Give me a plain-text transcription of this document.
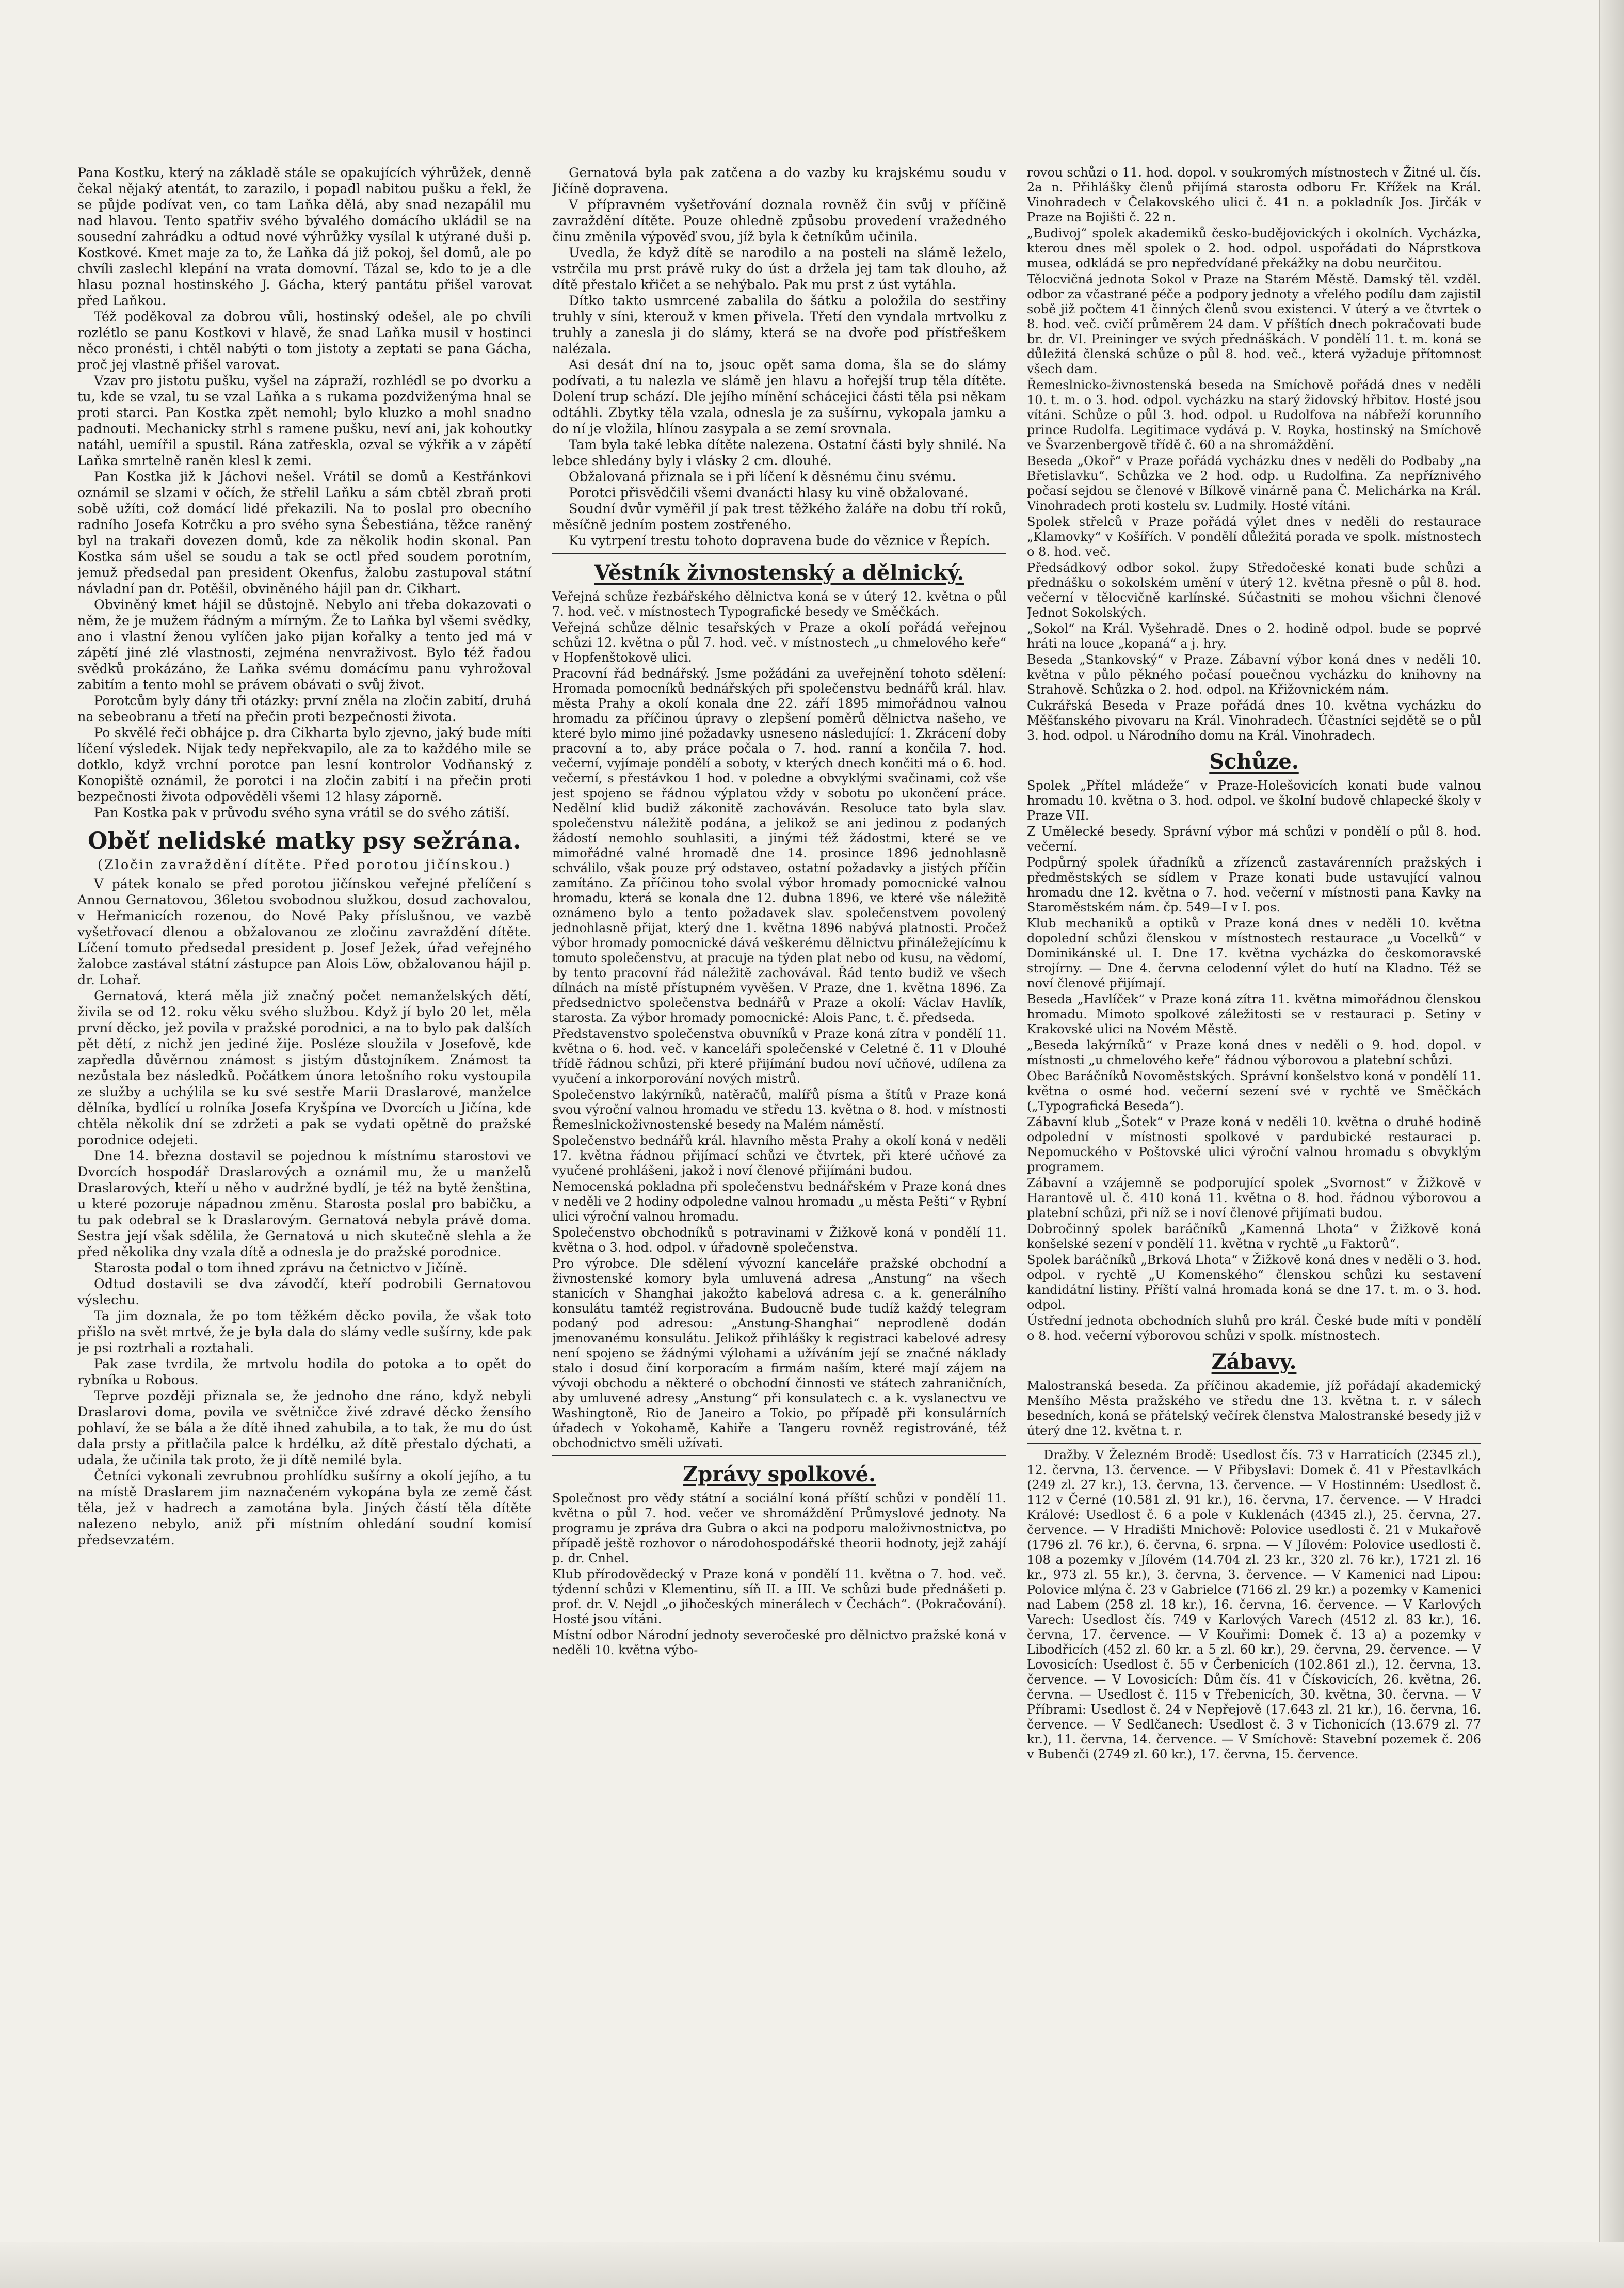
Pana Kostku, který na základě stále se opakujících výhrůžek, denně čekal nějaký atentát, to zarazilo, i popadl nabitou pušku a řekl, že se půjde podívat ven, co tam Laňka dělá, aby snad nezapálil mu nad hlavou. Tento spatřiv svého bývalého domácího ukládil se na sousední zahrádku a odtud nové výhrůžky vysílal k utýrané duši p. Kostkové. Kmet maje za to, že Laňka dá již pokoj, šel domů, ale po chvíli zaslechl klepání na vrata domovní. Tázal se, kdo to je a dle hlasu poznal hostinského J. Gácha, který pantátu přišel varovat před Laňkou.

Též poděkoval za dobrou vůli, hostinský odešel, ale po chvíli rozlétlo se panu Kostkovi v hlavě, že snad Laňka musil v hostinci něco pronésti, i chtěl nabýti o tom jistoty a zeptati se pana Gácha, proč jej vlastně přišel varovat.

Vzav pro jistotu pušku, vyšel na zápraží, rozhlédl se po dvorku a tu, kde se vzal, tu se vzal Laňka a s rukama pozdviženýma hnal se proti starci. Pan Kostka zpět nemohl; bylo kluzko a mohl snadno padnouti. Mechanicky strhl s ramene pušku, neví ani, jak kohoutky natáhl, uemířil a spustil. Rána zatřeskla, ozval se výkřik a v zápětí Laňka smrtelně raněn klesl k zemi.

Pan Kostka již k Jáchovi nešel. Vrátil se domů a Kestřánkovi oznámil se slzami v očích, že střelil Laňku a sám cbtěl zbraň proti sobě užíti, což domácí lidé překazili. Na to poslal pro obecního radního Josefa Kotrčku a pro svého syna Šebestiána, těžce raněný byl na trakaři dovezen domů, kde za několik hodin skonal. Pan Kostka sám ušel se soudu a tak se octl před soudem porotním, jemuž předsedal pan president Okenfus, žalobu zastupoval státní návladní pan dr. Potěšil, obviněného hájil pan dr. Cikhart.

Obviněný kmet hájil se důstojně. Nebylo ani třeba dokazovati o něm, že je mužem řádným a mírným. Že to Laňka byl všemi svědky, ano i vlastní ženou vylíčen jako pijan kořalky a tento jed má v zápětí jiné zlé vlastnosti, zejména nenvraživost. Bylo též řadou svědků prokázáno, že Laňka svému domácímu panu vyhrožoval zabitím a tento mohl se právem obávati o svůj život.

Porotcům byly dány tři otázky: první zněla na zločin zabití, druhá na sebeobranu a třetí na přečin proti bezpečnosti života.

Po skvělé řeči obhájce p. dra Cikharta bylo zjevno, jaký bude míti líčení výsledek. Nijak tedy nepřekvapilo, ale za to každého mile se dotklo, když vrchní porotce pan lesní kontrolor Vodňanský z Konopiště oznámil, že porotci i na zločin zabití i na přečin proti bezpečnosti života odpověděli všemi 12 hlasy záporně.

Pan Kostka pak v průvodu svého syna vrátil se do svého zátiší.

Oběť nelidské matky psy sežrána.
(Zločin zavraždění dítěte. Před porotou jičínskou.)

V pátek konalo se před porotou jičínskou veřejné přelíčení s Annou Gernatovou, 36letou svobodnou služkou, dosud zachovalou, v Heřmanicích rozenou, do Nové Paky příslušnou, ve vazbě vyšetřovací dlenou a obžalovanou ze zločinu zavraždění dítěte. Líčení tomuto předsedal president p. Josef Ježek, úřad veřejného žalobce zastával státní zástupce pan Alois Löw, obžalovanou hájil p. dr. Lohař.

Gernatová, která měla již značný počet nemanželských dětí, živila se od 12. roku věku svého službou. Když jí bylo 20 let, měla první děcko, jež povila v pražské porodnici, a na to bylo pak dalších pět dětí, z nichž jen jediné žije. Posléze sloužila v Josefově, kde zapředla důvěrnou známost s jistým důstojníkem. Známost ta nezůstala bez následků. Počátkem února letošního roku vystoupila ze služby a uchýlila se ku své sestře Marii Draslarové, manželce dělníka, bydlící u rolníka Josefa Kryšpína ve Dvorcích u Jičína, kde chtěla několik dní se zdržeti a pak se vydati opětně do pražské porodnice odejeti.

Dne 14. března dostavil se pojednou k místnímu starostovi ve Dvorcích hospodář Draslarových a oznámil mu, že u manželů Draslarových, kteří u něho v audržné bydlí, je též na bytě ženština, u které pozoruje nápadnou změnu. Starosta poslal pro babičku, a tu pak odebral se k Draslarovým. Gernatová nebyla právě doma. Sestra její však sdělila, že Gernatová u nich skutečně slehla a že před několika dny vzala dítě a odnesla je do pražské porodnice.

Starosta podal o tom ihned zprávu na četnictvo v Jičíně.

Odtud dostavili se dva závodčí, kteří podrobili Gernatovou výslechu.

Ta jim doznala, že po tom těžkém děcko povila, že však toto přišlo na svět mrtvé, že je byla dala do slámy vedle sušírny, kde pak je psi roztrhali a roztahali.

Pak zase tvrdila, že mrtvolu hodila do potoka a to opět do rybníka u Robous.

Teprve později přiznala se, že jednoho dne ráno, když nebyli Draslarovi doma, povila ve světničce živé zdravé děcko žensího pohlaví, že se bála a že dítě ihned zahubila, a to tak, že mu do úst dala prsty a přitlačila palce k hrdélku, až dítě přestalo dýchati, a udala, že učinila tak proto, že ji dítě nemilé byla.

Četníci vykonali zevrubnou prohlídku sušírny a okolí jejího, a tu na místě Draslarem jim naznačeném vykopána byla ze země část těla, jež v hadrech a zamotána byla. Jiných částí těla dítěte nalezeno nebylo, aniž při místním ohledání soudní komisí předsevzatém.

Gernatová byla pak zatčena a do vazby ku krajskému soudu v Jičíně dopravena.

V přípravném vyšetřování doznala rovněž čin svůj v příčině zavraždění dítěte. Pouze ohledně způsobu provedení vražedného činu změnila výpověď svou, jíž byla k četníkům učinila.

Uvedla, že když dítě se narodilo a na posteli na slámě leželo, vstrčila mu prst právě ruky do úst a držela jej tam tak dlouho, až dítě přestalo křičet a se nehýbalo. Pak mu prst z úst vytáhla.

Dítko takto usmrcené zabalila do šátku a položila do sestřiny truhly v síni, kterouž v kmen přivela. Třetí den vyndala mrtvolku z truhly a zanesla ji do slámy, která se na dvoře pod přístřeškem nalézala.

Asi desát dní na to, jsouc opět sama doma, šla se do slámy podívati, a tu nalezla ve slámě jen hlavu a hořejší trup těla dítěte. Dolení trup schází. Dle jejího mínění schácejici části těla psi někam odtáhli. Zbytky těla vzala, odnesla je za sušírnu, vykopala jamku a do ní je vložila, hlínou zasypala a se zemí srovnala.

Tam byla také lebka dítěte nalezena. Ostatní části byly shnilé. Na lebce shledány byly i vlásky 2 cm. dlouhé.

Obžalovaná přiznala se i při líčení k děsnému činu svému.

Porotci přisvědčili všemi dvanácti hlasy ku vině obžalované.

Soudní dvůr vyměřil jí pak trest těžkého žaláře na dobu tří roků, měsíčně jedním postem zostřeného.

Ku vytrpení trestu tohoto dopravena bude do věznice v Řepích.

Věstník živnostenský a dělnický.

Veřejná schůze řezbářského dělnictva koná se v úterý 12. května o půl 7. hod. več. v místnostech Typografické besedy ve Směčkách.

Veřejná schůze dělnic tesařských v Praze a okolí pořádá veřejnou schůzi 12. května o půl 7. hod. več. v místnostech „u chmelového keře“ v Hopfenštokově ulici.

Pracovní řád bednářský. Jsme požádáni za uveřejnění tohoto sdělení: Hromada pomocníků bednářských při společenstvu bednářů král. hlav. města Prahy a okolí konala dne 22. září 1895 mimořádnou valnou hromadu za příčinou úpravy o zlepšení poměrů dělnictva našeho, ve které bylo mimo jiné požadavky usneseno následující: 1. Zkrácení doby pracovní a to, aby práce počala o 7. hod. ranní a končila 7. hod. večerní, vyjímaje pondělí a soboty, v kterých dnech končiti má o 6. hod. večerní, s přestávkou 1 hod. v poledne a obvyklými svačinami, což vše jest spojeno se řádnou výplatou vždy v sobotu po ukončení práce. Nedělní klid budiž zákonitě zachováván. Resoluce tato byla slav. společenstvu náležitě podána, a jelikož se ani jedinou z podaných žádostí nemohlo souhlasiti, a jinými též žádostmi, které se ve mimořádné valné hromadě dne 14. prosince 1896 jednohlasně schválilo, však pouze prý odstaveo, ostatní požadavky a jistých příčin zamítáno. Za příčinou toho svolal výbor hromady pomocnické valnou hromadu, která se konala dne 12. dubna 1896, ve které vše náležitě oznámeno bylo a tento požadavek slav. společenstvem povolený jednohlasně přijat, který dne 1. května 1896 nabývá platnosti. Pročež výbor hromady pomocnické dává veškerému dělnictvu přináležejícímu k tomuto společenstvu, at pracuje na týden plat nebo od kusu, na vědomí, by tento pracovní řád náležitě zachovával. Řád tento budiž ve všech dílnách na místě přístupném vyvěšen. V Praze, dne 1. května 1896. Za předsednictvo společenstva bednářů v Praze a okolí: Václav Havlík, starosta. Za výbor hromady pomocnické: Alois Panc, t. č. předseda.

Představenstvo společenstva obuvníků v Praze koná zítra v pondělí 11. května o 6. hod. več. v kanceláři společenské v Celetné č. 11 v Dlouhé třídě řádnou schůzi, při které přijímání budou noví učňové, udílena za vyučení a inkorporování nových mistrů.

Společenstvo lakýrníků, natěračů, malířů písma a štítů v Praze koná svou výroční valnou hromadu ve středu 13. května o 8. hod. v místnosti Řemeslnickoživnostenské besedy na Malém náměstí.

Společenstvo bednářů král. hlavního města Prahy a okolí koná v neděli 17. května řádnou přijímací schůzi ve čtvrtek, při které učňové za vyučené prohlášeni, jakož i noví členové přijímáni budou.

Nemocenská pokladna při společenstvu bednářském v Praze koná dnes v neděli ve 2 hodiny odpoledne valnou hromadu „u města Pešti“ v Rybní ulici výroční valnou hromadu.

Společenstvo obchodníků s potravinami v Žižkově koná v pondělí 11. května o 3. hod. odpol. v úřadovně společenstva.

Pro výrobce. Dle sdělení vývozní kanceláře pražské obchodní a živnostenské komory byla umluvená adresa „Anstung“ na všech stanicích v Shanghai jakožto kabelová adresa c. a k. generálního konsulátu tamtéž registrována. Budoucně bude tudíž každý telegram podaný pod adresou: „Anstung-Shanghai“ neprodleně dodán jmenovanému konsulátu. Jelikož přihlášky k registraci kabelové adresy není spojeno se žádnými výlohami a užíváním její se značné náklady stalo i dosud činí korporacím a firmám naším, které mají zájem na vývoji obchodu a některé o obchodní činnosti ve státech zahraničních, aby umluvené adresy „Anstung“ při konsulatech c. a k. vyslanectvu ve Washingtoně, Rio de Janeiro a Tokio, po případě při konsulárních úřadech v Yokohamě, Kahiře a Tangeru rovněž registrováné, též obchodnictvo směli užívati.

Zprávy spolkové.

Společnost pro vědy státní a sociální koná příští schůzi v pondělí 11. května o půl 7. hod. večer ve shromáždění Průmyslové jednoty. Na programu je zpráva dra Gubra o akci na podporu maloživnostnictva, po případě ještě rozhovor o národohospodářské theorii hodnoty, jejž zahájí p. dr. Cnhel.

Klub přírodovědecký v Praze koná v pondělí 11. května o 7. hod. več. týdenní schůzi v Klementinu, síň II. a III. Ve schůzi bude přednášeti p. prof. dr. V. Nejdl „o jihočeských minerálech v Čechách“. (Pokračování). Hosté jsou vítáni.

Místní odbor Národní jednoty severočeské pro dělnictvo pražské koná v neděli 10. května výbo-

rovou schůzi o 11. hod. dopol. v soukromých místnostech v Žitné ul. čís. 2a n. Přihlášky členů přijímá starosta odboru Fr. Křížek na Král. Vinohradech v Čelakovského ulici č. 41 n. a pokladník Jos. Jirčák v Praze na Bojišti č. 22 n.

„Budivoj“ spolek akademiků česko-budějovických i okolních. Vycházka, kterou dnes měl spolek o 2. hod. odpol. uspořádati do Náprstkova musea, odkládá se pro nepředvídané překážky na dobu neurčitou.

Tělocvičná jednota Sokol v Praze na Starém Městě. Damský těl. vzděl. odbor za včastrané péče a podpory jednoty a vřelého podílu dam zajistil sobě již počtem 41 činných členů svou existenci. V úterý a ve čtvrtek o 8. hod. več. cvičí průměrem 24 dam. V příštích dnech pokračovati bude br. dr. VI. Preininger ve svých přednáškách. V pondělí 11. t. m. koná se důležitá členská schůze o půl 8. hod. več., která vyžaduje přítomnost všech dam.

Řemeslnicko-živnostenská beseda na Smíchově pořádá dnes v neděli 10. t. m. o 3. hod. odpol. vycházku na starý židovský hřbitov. Hosté jsou vítáni. Schůze o půl 3. hod. odpol. u Rudolfova na nábřeží korunního prince Rudolfa. Legitimace vydává p. V. Royka, hostinský na Smíchově ve Švarzenbergově třídě č. 60 a na shromáždění.

Beseda „Okoř“ v Praze pořádá vycházku dnes v neděli do Podbaby „na Břetislavku“. Schůzka ve 2 hod. odp. u Rudolfina. Za nepříznivého počasí sejdou se členové v Bílkově vinárně pana Č. Melichárka na Král. Vinohradech proti kostelu sv. Ludmily. Hosté vítáni.

Spolek střelců v Praze pořádá výlet dnes v neděli do restaurace „Klamovky“ v Košířích. V pondělí důležitá porada ve spolk. místnostech o 8. hod. več.

Předsádkový odbor sokol. župy Středočeské konati bude schůzi a přednášku o sokolském umění v úterý 12. května přesně o půl 8. hod. večerní v tělocvičně karlínské. Súčastniti se mohou všichni členové Jednot Sokolských.

„Sokol“ na Král. Vyšehradě. Dnes o 2. hodině odpol. bude se poprvé hráti na louce „kopaná“ a j. hry.

Beseda „Stankovský“ v Praze. Zábavní výbor koná dnes v neděli 10. května v půlo pěkného počasí pouečnou vycházku do knihovny na Strahově. Schůzka o 2. hod. odpol. na Křižovnickém nám.

Cukrářská Beseda v Praze pořádá dnes 10. května vycházku do Měšťanského pivovaru na Král. Vinohradech. Účastníci sejdětě se o půl 3. hod. odpol. u Národního domu na Král. Vinohradech.

Schůze.

Spolek „Přítel mládeže“ v Praze-Holešovicích konati bude valnou hromadu 10. května o 3. hod. odpol. ve školní budově chlapecké školy v Praze VII.

Z Umělecké besedy. Správní výbor má schůzi v pondělí o půl 8. hod. večerní.

Podpůrný spolek úřadníků a zřízenců zastavárenních pražských i předměstských se sídlem v Praze konati bude ustavující valnou hromadu dne 12. května o 7. hod. večerní v místnosti pana Kavky na Staroměstském nám. čp. 549—I v I. pos.

Klub mechaniků a optiků v Praze koná dnes v neděli 10. května dopolední schůzi členskou v místnostech restaurace „u Vocelků“ v Dominikánské ul. I. Dne 17. května vycházka do českomoravské strojírny. — Dne 4. června celodenní výlet do hutí na Kladno. Též se noví členové přijímají.

Beseda „Havlíček“ v Praze koná zítra 11. května mimořádnou členskou hromadu. Mimoto spolkové záležitosti se v restauraci p. Setiny v Krakovské ulici na Novém Městě.

„Beseda lakýrníků“ v Praze koná dnes v neděli o 9. hod. dopol. v místnosti „u chmelového keře“ řádnou výborovou a platební schůzi.

Obec Baráčníků Novoměstských. Správní konšelstvo koná v pondělí 11. května o osmé hod. večerní sezení své v rychtě ve Směčkách („Typografická Beseda“).

Zábavní klub „Šotek“ v Praze koná v neděli 10. května o druhé hodině odpolední v místnosti spolkové v pardubické restauraci p. Nepomuckého v Poštovské ulici výroční valnou hromadu s obvyklým programem.

Zábavní a vzájemně se podporující spolek „Svornost“ v Žižkově v Harantově ul. č. 410 koná 11. května o 8. hod. řádnou výborovou a platební schůzi, při níž se i noví členové přijímati budou.

Dobročinný spolek baráčníků „Kamenná Lhota“ v Žižkově koná konšelské sezení v pondělí 11. května v rychtě „u Faktorů“.

Spolek baráčníků „Brková Lhota“ v Žižkově koná dnes v neděli o 3. hod. odpol. v rychtě „U Komenského“ členskou schůzi ku sestavení kandidátní listiny. Příští valná hromada koná se dne 17. t. m. o 3. hod. odpol.

Ústřední jednota obchodních sluhů pro král. České bude míti v pondělí o 8. hod. večerní výborovou schůzi v spolk. místnostech.

Zábavy.

Malostranská beseda. Za příčinou akademie, jíž pořádají akademický Menšího Města pražského ve středu dne 13. května t. r. v sálech besedních, koná se přátelský večírek členstva Malostranské besedy již v úterý dne 12. května t. r.

Dražby. V Železném Brodě: Usedlost čís. 73 v Harraticích (2345 zl.), 12. června, 13. července. — V Přibyslavi: Domek č. 41 v Přestavlkách (249 zl. 27 kr.), 13. června, 13. července. — V Hostinném: Usedlost č. 112 v Černé (10.581 zl. 91 kr.), 16. června, 17. července. — V Hradci Králové: Usedlost č. 6 a pole v Kuklenách (4345 zl.), 25. června, 27. července. — V Hradišti Mnichově: Polovice usedlosti č. 21 v Mukařově (1796 zl. 76 kr.), 6. června, 6. srpna. — V Jílovém: Polovice usedlosti č. 108 a pozemky v Jílovém (14.704 zl. 23 kr., 320 zl. 76 kr.), 1721 zl. 16 kr., 973 zl. 55 kr.), 3. června, 3. července. — V Kamenici nad Lipou: Polovice mlýna č. 23 v Gabrielce (7166 zl. 29 kr.) a pozemky v Kamenici nad Labem (258 zl. 18 kr.), 16. června, 16. července. — V Karlových Varech: Usedlost čís. 749 v Karlových Varech (4512 zl. 83 kr.), 16. června, 17. července. — V Kouřimi: Domek č. 13 a) a pozemky v Libodřicích (452 zl. 60 kr. a 5 zl. 60 kr.), 29. června, 29. července. — V Lovosicích: Usedlost č. 55 v Čerbenicích (102.861 zl.), 12. června, 13. července. — V Lovosicích: Dům čís. 41 v Čískovicích, 26. května, 26. června. — Usedlost č. 115 v Třebenicích, 30. května, 30. června. — V Příbrami: Usedlost č. 24 v Nepřejově (17.643 zl. 21 kr.), 16. června, 16. července. — V Sedlčanech: Usedlost č. 3 v Tichonicích (13.679 zl. 77 kr.), 11. června, 14. července. — V Smíchově: Stavební pozemek č. 206 v Bubenči (2749 zl. 60 kr.), 17. června, 15. července.
